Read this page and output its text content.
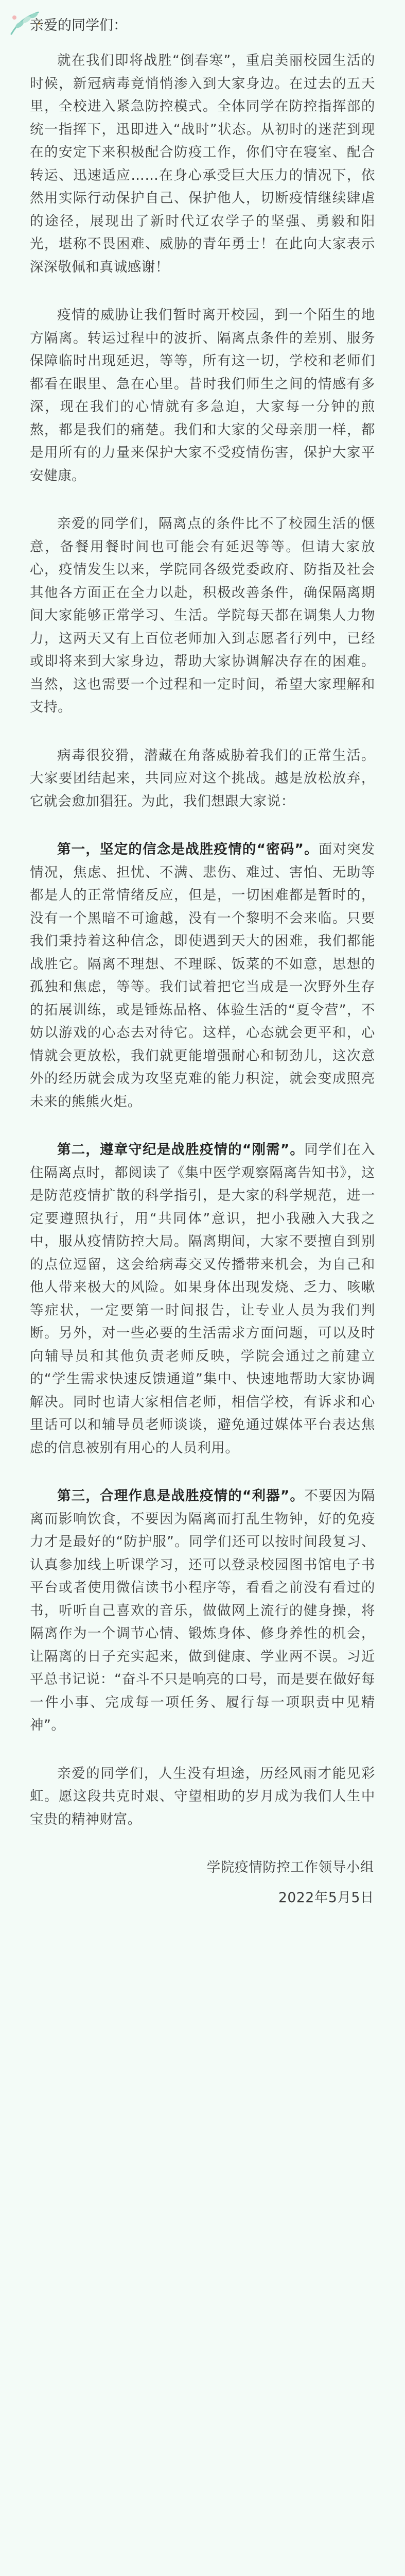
亲爱的同学们：

就在我们即将战胜“倒春寒”，重启美丽校园生活的时候，新冠病毒竟悄悄渗入到大家身边。在过去的五天里，全校进入紧急防控模式。全体同学在防控指挥部的统一指挥下，迅即进入“战时”状态。从初时的迷茫到现在的安定下来积极配合防疫工作，你们守在寝室、配合转运、迅速适应……在身心承受巨大压力的情况下，依然用实际行动保护自己、保护他人，切断疫情继续肆虐的途径，展现出了新时代辽农学子的坚强、勇毅和阳光，堪称不畏困难、威胁的青年勇士！在此向大家表示深深敬佩和真诚感谢！

疫情的威胁让我们暂时离开校园，到一个陌生的地方隔离。转运过程中的波折、隔离点条件的差别、服务保障临时出现延迟，等等，所有这一切，学校和老师们都看在眼里、急在心里。昔时我们师生之间的情感有多深，现在我们的心情就有多急迫，大家每一分钟的煎熬，都是我们的痛楚。我们和大家的父母亲朋一样，都是用所有的力量来保护大家不受疫情伤害，保护大家平安健康。

亲爱的同学们，隔离点的条件比不了校园生活的惬意，备餐用餐时间也可能会有延迟等等。但请大家放心，疫情发生以来，学院同各级党委政府、防指及社会其他各方面正在全力以赴，积极改善条件，确保隔离期间大家能够正常学习、生活。学院每天都在调集人力物力，这两天又有上百位老师加入到志愿者行列中，已经或即将来到大家身边，帮助大家协调解决存在的困难。当然，这也需要一个过程和一定时间，希望大家理解和支持。

病毒很狡猾，潜藏在角落威胁着我们的正常生活。大家要团结起来，共同应对这个挑战。越是放松放弃，它就会愈加猖狂。为此，我们想跟大家说：

第一，坚定的信念是战胜疫情的“密码”。面对突发情况，焦虑、担忧、不满、悲伤、难过、害怕、无助等都是人的正常情绪反应，但是，一切困难都是暂时的，没有一个黑暗不可逾越，没有一个黎明不会来临。只要我们秉持着这种信念，即使遇到天大的困难，我们都能战胜它。隔离不理想、不理睬、饭菜的不如意，思想的孤独和焦虑，等等。我们试着把它当成是一次野外生存的拓展训练，或是锤炼品格、体验生活的“夏令营”，不妨以游戏的心态去对待它。这样，心态就会更平和，心情就会更放松，我们就更能增强耐心和韧劲儿，这次意外的经历就会成为攻坚克难的能力积淀，就会变成照亮未来的熊熊火炬。

第二，遵章守纪是战胜疫情的“刚需”。同学们在入住隔离点时，都阅读了《集中医学观察隔离告知书》，这是防范疫情扩散的科学指引，是大家的科学规范，进一定要遵照执行，用“共同体”意识，把小我融入大我之中，服从疫情防控大局。隔离期间，大家不要擅自到别的点位逗留，这会给病毒交叉传播带来机会，为自己和他人带来极大的风险。如果身体出现发烧、乏力、咳嗽等症状，一定要第一时间报告，让专业人员为我们判断。另外，对一些必要的生活需求方面问题，可以及时向辅导员和其他负责老师反映，学院会通过之前建立的“学生需求快速反馈通道”集中、快速地帮助大家协调解决。同时也请大家相信老师，相信学校，有诉求和心里话可以和辅导员老师谈谈，避免通过媒体平台表达焦虑的信息被别有用心的人员利用。

第三，合理作息是战胜疫情的“利器”。不要因为隔离而影响饮食，不要因为隔离而打乱生物钟，好的免疫力才是最好的“防护服”。同学们还可以按时间段复习、认真参加线上听课学习，还可以登录校园图书馆电子书平台或者使用微信读书小程序等，看看之前没有看过的书，听听自己喜欢的音乐，做做网上流行的健身操，将隔离作为一个调节心情、锻炼身体、修身养性的机会，让隔离的日子充实起来，做到健康、学业两不误。习近平总书记说：“奋斗不只是响亮的口号，而是要在做好每一件小事、完成每一项任务、履行每一项职责中见精神”。

亲爱的同学们，人生没有坦途，历经风雨才能见彩虹。愿这段共克时艰、守望相助的岁月成为我们人生中宝贵的精神财富。

学院疫情防控工作领导小组
2022年5月5日
